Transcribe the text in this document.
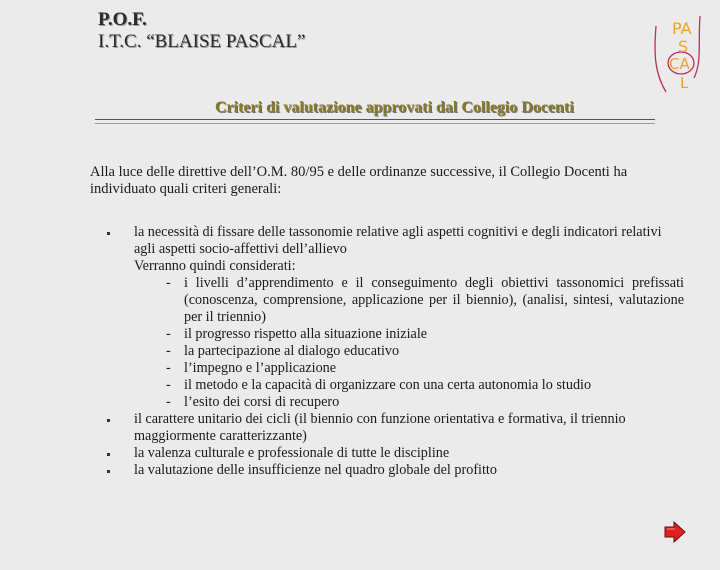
P.O.F.
I.T.C. “BLAISE PASCAL”
PA
S
CA
L
Criteri di valutazione approvati dal Collegio Docenti
Alla luce delle direttive dell’O.M. 80/95 e delle ordinanze successive, il Collegio Docenti ha individuato quali criteri generali:
la necessità di fissare delle tassonomie relative agli aspetti cognitivi e degli indicatori relativi agli aspetti socio-affettivi dell’allievo
Verranno quindi considerati:
- i livelli d’apprendimento e il conseguimento degli obiettivi tassonomici prefissati (conoscenza, comprensione, applicazione per il biennio), (analisi, sintesi, valutazione per il triennio)
- il progresso rispetto alla situazione iniziale
- la partecipazione al dialogo educativo
- l’impegno e l’applicazione
- il metodo e la capacità di organizzare con una certa autonomia lo studio
- l’esito dei corsi di recupero
il carattere unitario dei cicli (il biennio con funzione orientativa e formativa, il triennio maggiormente caratterizzante)
la valenza culturale e professionale di tutte le discipline
la valutazione delle insufficienze nel quadro globale del profitto
